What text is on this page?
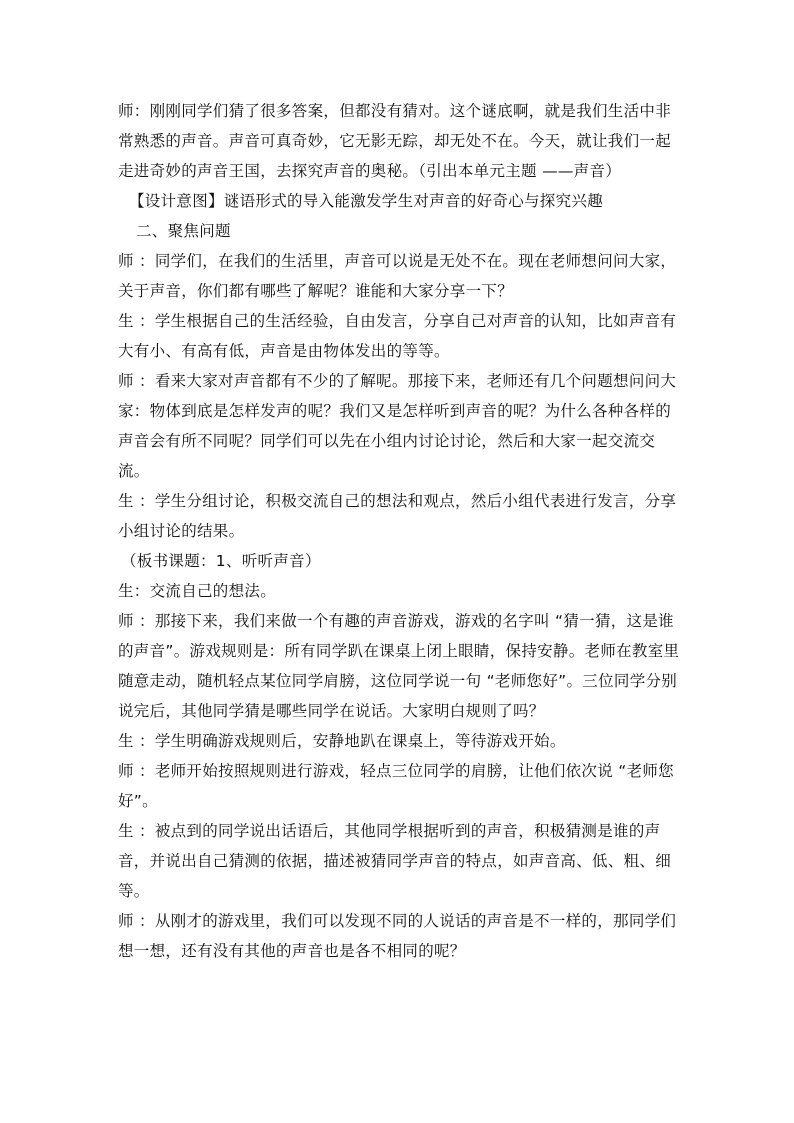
师：刚刚同学们猜了很多答案，但都没有猜对。这个谜底啊，就是我们生活中非常熟悉的声音。声音可真奇妙，它无影无踪，却无处不在。今天，就让我们一起走进奇妙的声音王国，去探究声音的奥秘。（引出本单元主题 ——声音）

【设计意图】谜语形式的导入能激发学生对声音的好奇心与探究兴趣

二、聚焦问题

师 ：同学们，在我们的生活里，声音可以说是无处不在。现在老师想问问大家，关于声音，你们都有哪些了解呢？谁能和大家分享一下？

生 ：学生根据自己的生活经验，自由发言，分享自己对声音的认知，比如声音有大有小、有高有低，声音是由物体发出的等等。

师 ：看来大家对声音都有不少的了解呢。那接下来，老师还有几个问题想问问大家：物体到底是怎样发声的呢？我们又是怎样听到声音的呢？为什么各种各样的声音会有所不同呢？同学们可以先在小组内讨论讨论，然后和大家一起交流交流。

生 ：学生分组讨论，积极交流自己的想法和观点，然后小组代表进行发言，分享小组讨论的结果。

（板书课题：1、听听声音）

生：交流自己的想法。

师 ：那接下来，我们来做一个有趣的声音游戏，游戏的名字叫 “猜一猜，这是谁的声音”。游戏规则是：所有同学趴在课桌上闭上眼睛，保持安静。老师在教室里随意走动，随机轻点某位同学肩膀，这位同学说一句 “老师您好”。三位同学分别说完后，其他同学猜是哪些同学在说话。大家明白规则了吗？

生 ：学生明确游戏规则后，安静地趴在课桌上，等待游戏开始。

师 ：老师开始按照规则进行游戏，轻点三位同学的肩膀，让他们依次说 “老师您好”。

生 ：被点到的同学说出话语后，其他同学根据听到的声音，积极猜测是谁的声音，并说出自己猜测的依据，描述被猜同学声音的特点，如声音高、低、粗、细等。

师 ：从刚才的游戏里，我们可以发现不同的人说话的声音是不一样的，那同学们想一想，还有没有其他的声音也是各不相同的呢？
